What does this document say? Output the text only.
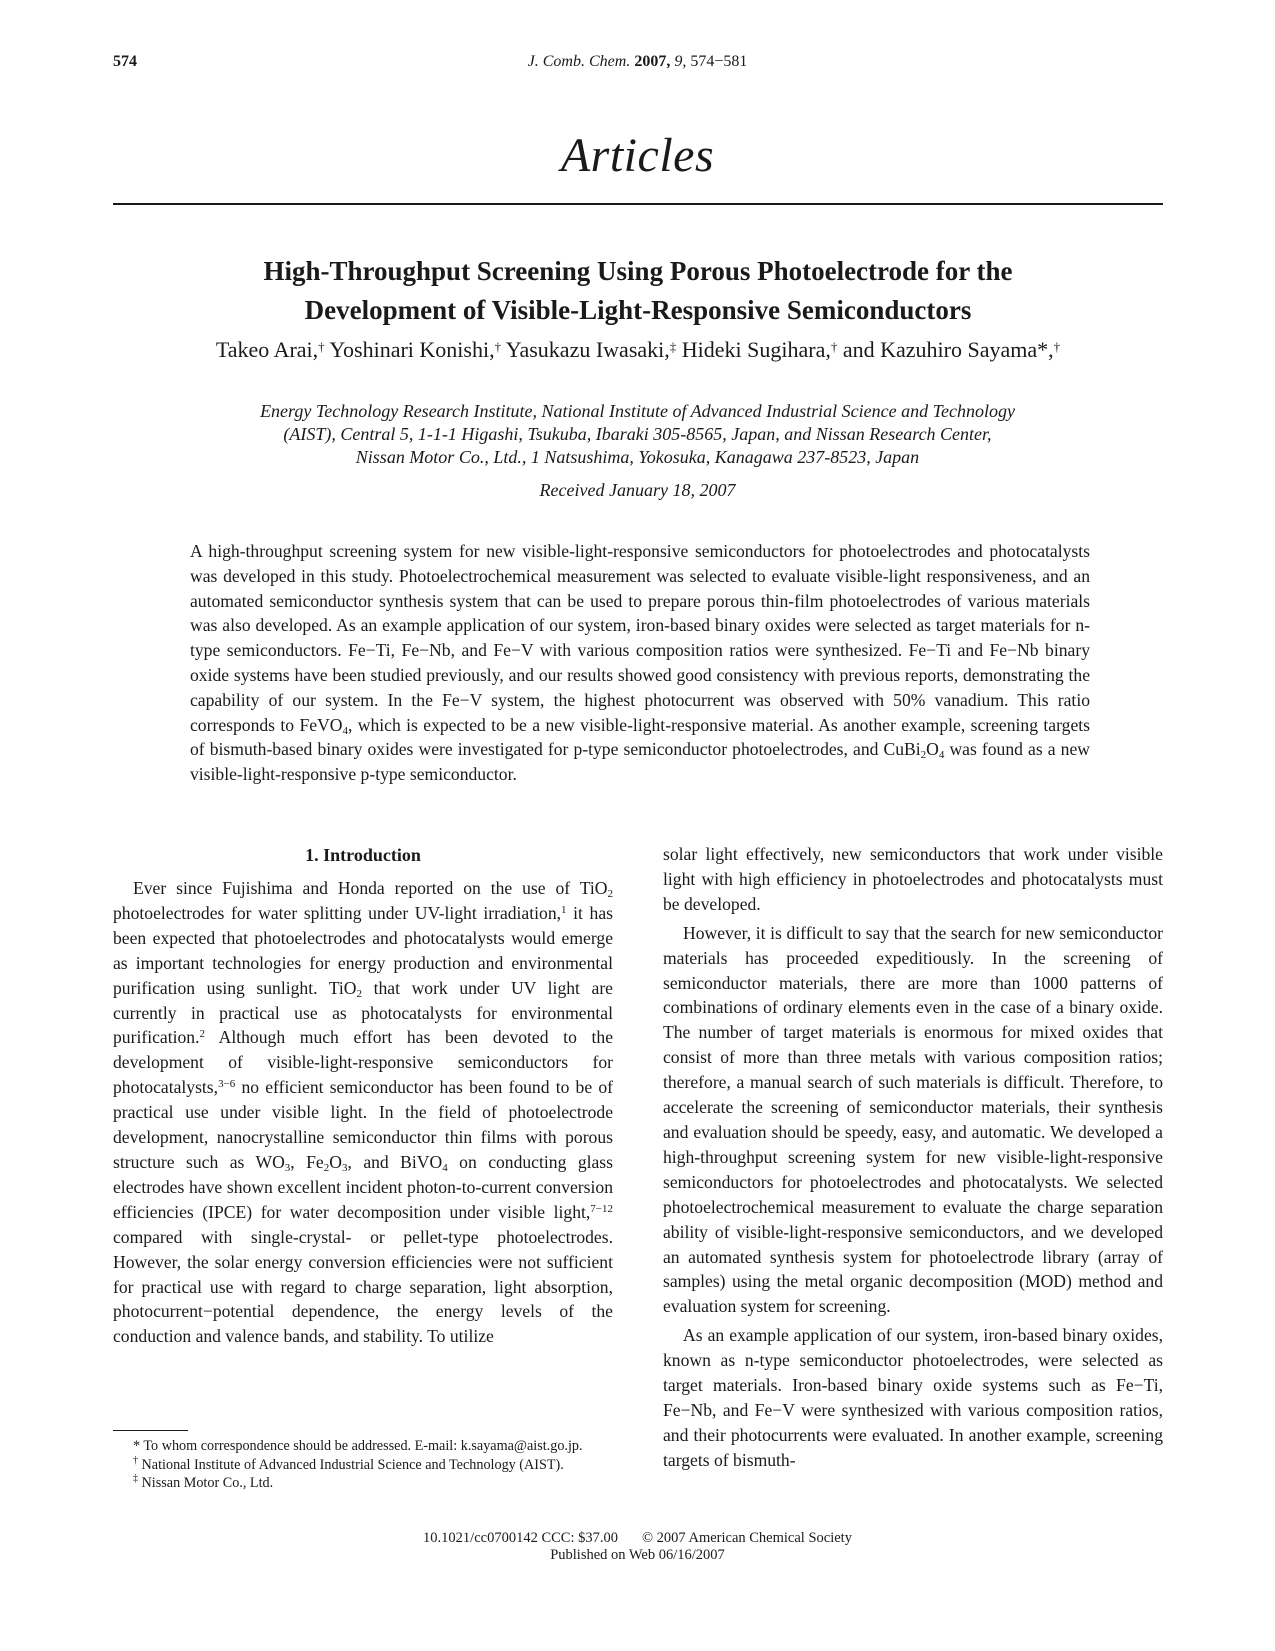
574	J. Comb. Chem. 2007, 9, 574−581
Articles
High-Throughput Screening Using Porous Photoelectrode for the
Development of Visible-Light-Responsive Semiconductors
Takeo Arai,† Yoshinari Konishi,† Yasukazu Iwasaki,‡ Hideki Sugihara,† and Kazuhiro Sayama*,†
Energy Technology Research Institute, National Institute of Advanced Industrial Science and Technology
(AIST), Central 5, 1-1-1 Higashi, Tsukuba, Ibaraki 305-8565, Japan, and Nissan Research Center,
Nissan Motor Co., Ltd., 1 Natsushima, Yokosuka, Kanagawa 237-8523, Japan
Received January 18, 2007
A high-throughput screening system for new visible-light-responsive semiconductors for photoelectrodes and photocatalysts was developed in this study. Photoelectrochemical measurement was selected to evaluate visible-light responsiveness, and an automated semiconductor synthesis system that can be used to prepare porous thin-film photoelectrodes of various materials was also developed. As an example application of our system, iron-based binary oxides were selected as target materials for n-type semiconductors. Fe−Ti, Fe−Nb, and Fe−V with various composition ratios were synthesized. Fe−Ti and Fe−Nb binary oxide systems have been studied previously, and our results showed good consistency with previous reports, demonstrating the capability of our system. In the Fe−V system, the highest photocurrent was observed with 50% vanadium. This ratio corresponds to FeVO$_4$, which is expected to be a new visible-light-responsive material. As another example, screening targets of bismuth-based binary oxides were investigated for p-type semiconductor photoelectrodes, and $CuBi_2O_4$ was found as a new visible-light-responsive p-type semiconductor.
1. Introduction

Ever since Fujishima and Honda reported on the use of TiO$_2$ photoelectrodes for water splitting under UV-light irradiation,$^1$ it has been expected that photoelectrodes and photocatalysts would emerge as important technologies for energy production and environmental purification using sunlight. TiO$_2$ that work under UV light are currently in practical use as photocatalysts for environmental purification.$^2$ Although much effort has been devoted to the development of visible-light-responsive semiconductors for photocatalysts,$^{3-6}$ no efficient semiconductor has been found to be of practical use under visible light. In the field of photoelectrode development, nanocrystalline semiconductor thin films with porous structure such as $WO_3$, $Fe_2O_3$, and BiVO$_4$ on conducting glass electrodes have shown excellent incident photon-to-current conversion efficiencies (IPCE) for water decomposition under visible light,$^{7-12}$ compared with single-crystal- or pellet-type photoelectrodes. However, the solar energy conversion efficiencies were not sufficient for practical use with regard to charge separation, light absorption, photocurrent−potential dependence, the energy levels of the conduction and valence bands, and stability. To utilize

solar light effectively, new semiconductors that work under visible light with high efficiency in photoelectrodes and photocatalysts must be developed.

However, it is difficult to say that the search for new semiconductor materials has proceeded expeditiously. In the screening of semiconductor materials, there are more than 1000 patterns of combinations of ordinary elements even in the case of a binary oxide. The number of target materials is enormous for mixed oxides that consist of more than three metals with various composition ratios; therefore, a manual search of such materials is difficult. Therefore, to accelerate the screening of semiconductor materials, their synthesis and evaluation should be speedy, easy, and automatic. We developed a high-throughput screening system for new visible-light-responsive semiconductors for photoelectrodes and photocatalysts. We selected photoelectrochemical measurement to evaluate the charge separation ability of visible-light-responsive semiconductors, and we developed an automated synthesis system for photoelectrode library (array of samples) using the metal organic decomposition (MOD) method and evaluation system for screening.

As an example application of our system, iron-based binary oxides, known as n-type semiconductor photoelectrodes, were selected as target materials. Iron-based binary oxide systems such as Fe−Ti, Fe−Nb, and Fe−V were synthesized with various composition ratios, and their photocurrents were evaluated. In another example, screening targets of bismuth-

* To whom correspondence should be addressed. E-mail: k.sayama@aist.go.jp.

† National Institute of Advanced Industrial Science and Technology (AIST).

‡ Nissan Motor Co., Ltd.

10.1021/cc0700142 CCC: $37.00 © 2007 American Chemical Society
Published on Web 06/16/2007
